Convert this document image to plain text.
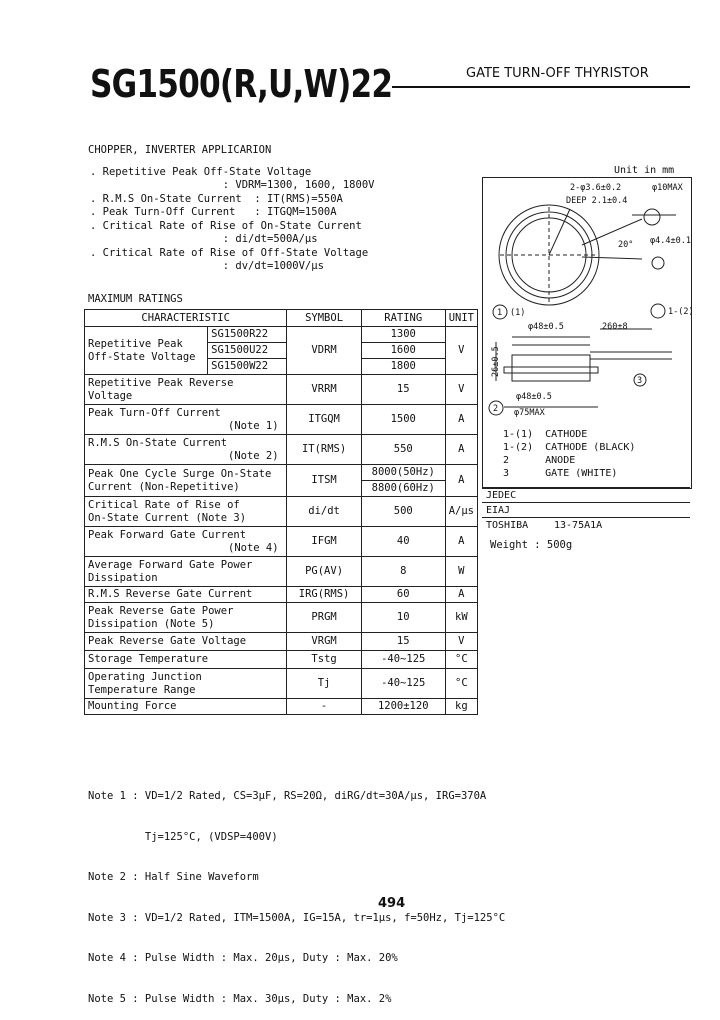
SG1500(R,U,W)22	GATE TURN-OFF THYRISTOR
CHOPPER, INVERTER APPLICARION
. Repetitive Peak Off-State Voltage
: VDRM=1300, 1600, 1800V
. R.M.S On-State Current  : IT(RMS)=550A
. Peak Turn-Off Current   : ITGQM=1500A
. Critical Rate of Rise of On-State Current
: di/dt=500A/μs
. Critical Rate of Rise of Off-State Voltage
: dv/dt=1000V/μs
MAXIMUM RATINGS
CHARACTERISTIC		SYMBOL	RATING	UNIT

Repetitive Peak
Off-State Voltage	SG1500R22	VDRM	1300	V
	SG1500U22		1600	
	SG1500W22		1800	

Repetitive Peak Reverse
Voltage		VRRM	15	V

Peak Turn-Off Current
(Note 1)		ITGQM	1500	A

R.M.S On-State Current
(Note 2)		IT(RMS)	550	A

Peak One Cycle Surge On-State
Current (Non-Repetitive)		ITSM	8000(50Hz)	A
			8800(60Hz)	

Critical Rate of Rise of
On-State Current (Note 3)		di/dt	500	A/μs

Peak Forward Gate Current
(Note 4)		IFGM	40	A

Average Forward Gate Power
Dissipation		PG(AV)	8	W

R.M.S Reverse Gate Current		IRG(RMS)	60	A

Peak Reverse Gate Power
Dissipation (Note 5)		PRGM	10	kW

Peak Reverse Gate Voltage		VRGM	15	V

Storage Temperature		Tstg	-40~125	°C

Operating Junction
Temperature Range		Tj	-40~125	°C

Mounting Force		-	1200±120	kg

Note 1 : VD=1/2 Rated, CS=3μF, RS=20Ω, diRG/dt=30A/μs, IRG=370A

Tj=125°C, (VDSP=400V)

Note 2 : Half Sine Waveform

Note 3 : VD=1/2 Rated, ITM=1500A, IG=15A, tr=1μs, f=50Hz, Tj=125°C

Note 4 : Pulse Width : Max. 20μs, Duty : Max. 20%

Note 5 : Pulse Width : Max. 30μs, Duty : Max. 2%

494
Unit in mm
2-φ3.6±0.2
DEEP 2.1±0.4
φ10MAX
φ4.4±0.1
20°
φ48±0.5	260±8
26±0.5
φ48±0.5
φ75MAX
1 (1)
2
3
1-(2)
1-(1)  CATHODE
1-(2)  CATHODE (BLACK)
2      ANODE
3      GATE (WHITE)
JEDEC	
EIAJ	
TOSHIBA	13-75A1A
Weight : 500g
